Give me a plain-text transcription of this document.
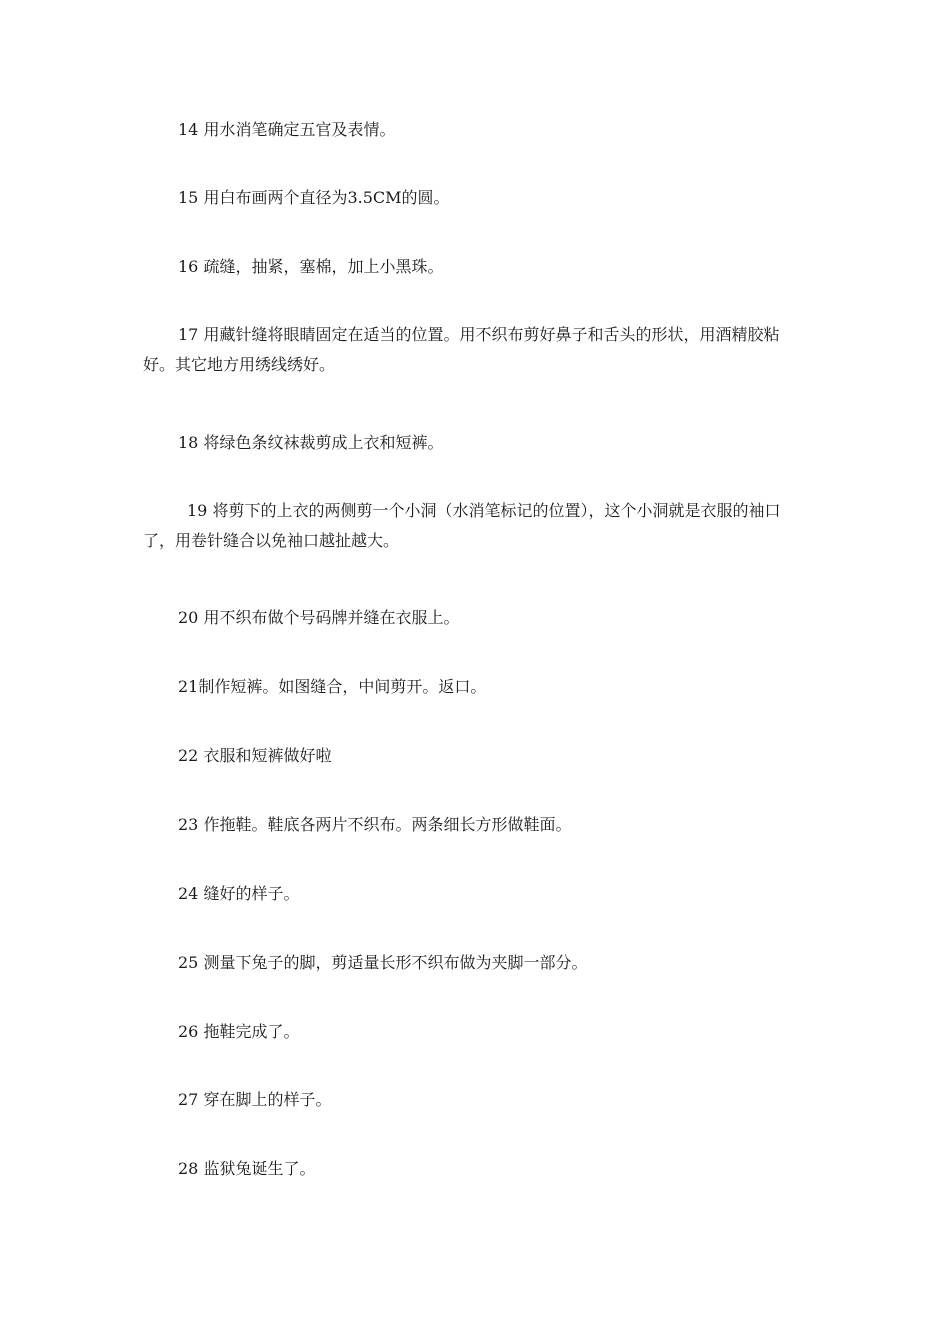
14 用水消笔确定五官及表情。

15 用白布画两个直径为3.5CM的圆。

16 疏缝，抽紧，塞棉，加上小黑珠。

17 用藏针缝将眼睛固定在适当的位置。用不织布剪好鼻子和舌头的形状，用酒精胶粘好。其它地方用绣线绣好。

18 将绿色条纹袜裁剪成上衣和短裤。

19 将剪下的上衣的两侧剪一个小洞（水消笔标记的位置），这个小洞就是衣服的袖口了，用卷针缝合以免袖口越扯越大。

20 用不织布做个号码牌并缝在衣服上。

21制作短裤。如图缝合，中间剪开。返口。

22 衣服和短裤做好啦

23 作拖鞋。鞋底各两片不织布。两条细长方形做鞋面。

24 缝好的样子。

25 测量下兔子的脚，剪适量长形不织布做为夹脚一部分。

26 拖鞋完成了。

27 穿在脚上的样子。

28 监狱兔诞生了。
